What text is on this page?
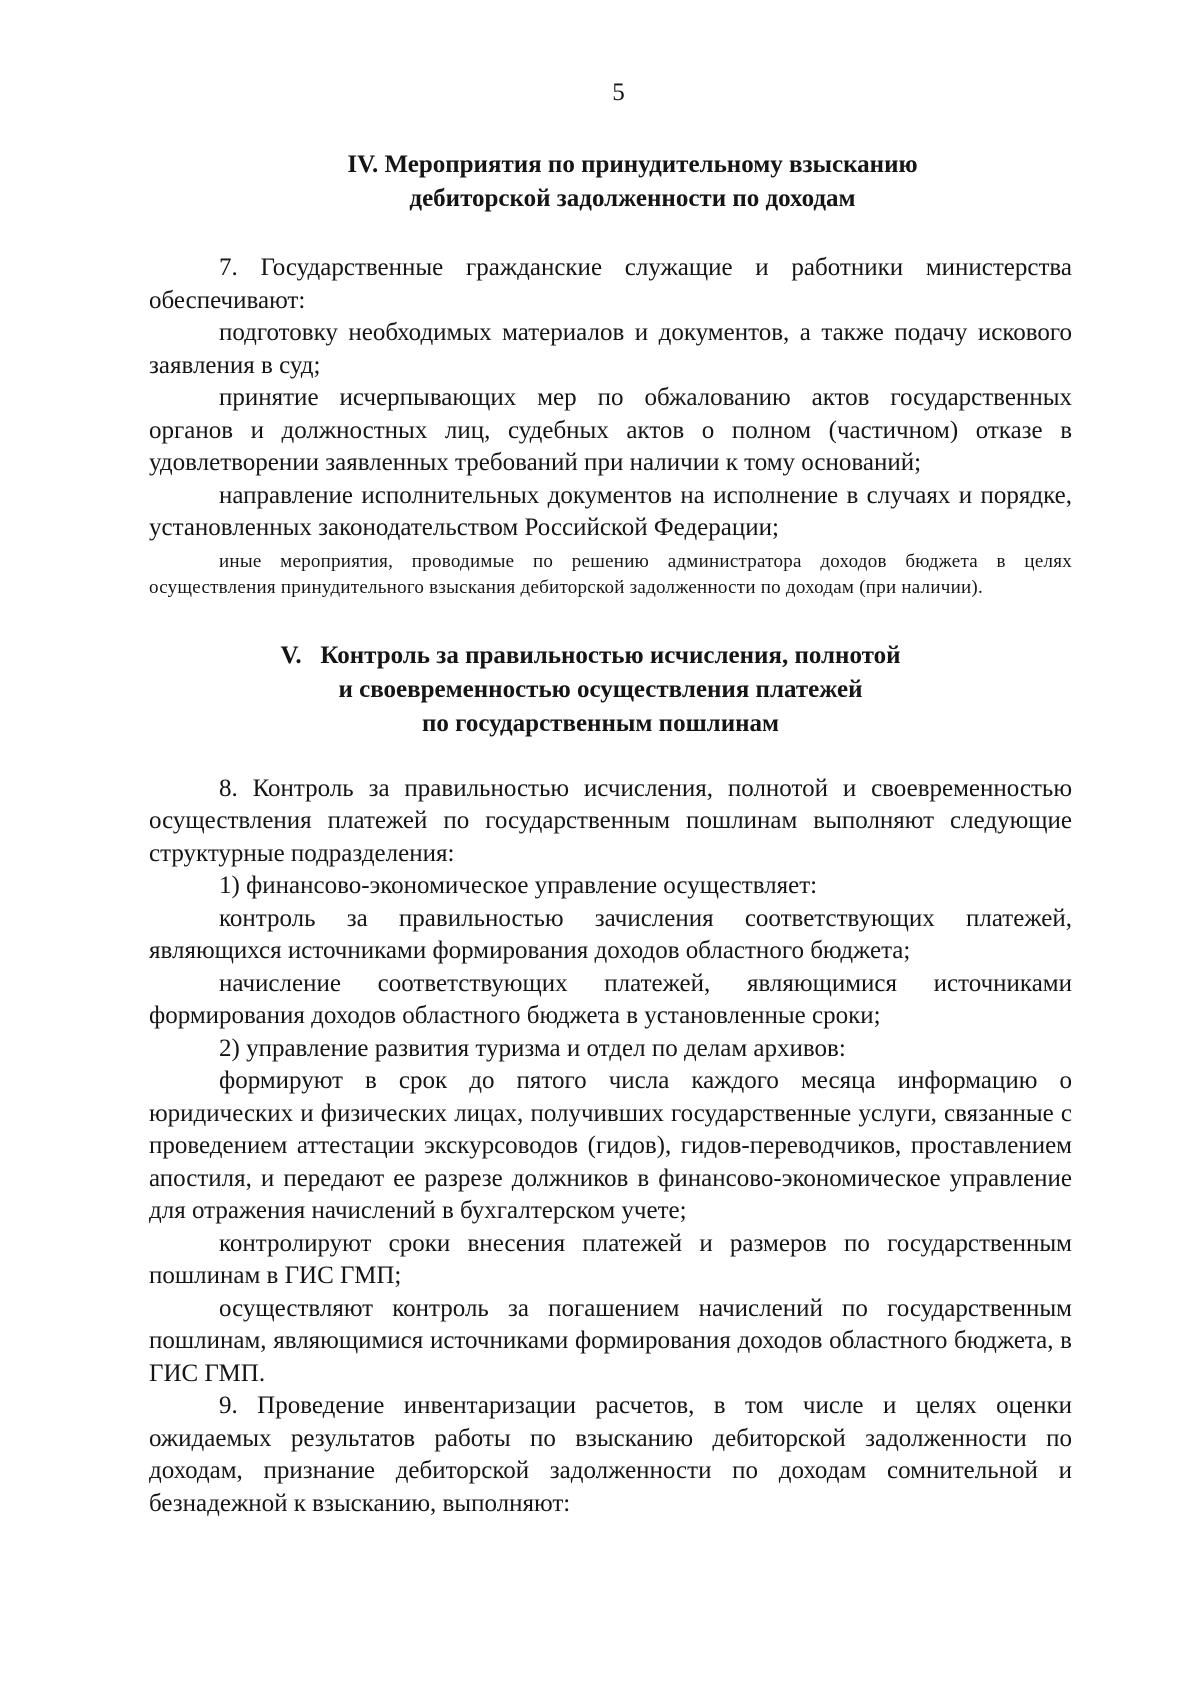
5
IV. Мероприятия по принудительному взысканию
дебиторской задолженности по доходам

7. Государственные гражданские служащие и работники министерства обеспечивают:

подготовку необходимых материалов и документов, а также подачу искового заявления в суд;

принятие исчерпывающих мер по обжалованию актов государственных органов и должностных лиц, судебных актов о полном (частичном) отказе в удовлетворении заявленных требований при наличии к тому оснований;

направление исполнительных документов на исполнение в случаях и порядке, установленных законодательством Российской Федерации;

иные мероприятия, проводимые по решению администратора доходов бюджета в целях осуществления принудительного взыскания дебиторской задолженности по доходам (при наличии).

V.   Контроль за правильностью исчисления, полнотой
и своевременностью осуществления платежей
по государственным пошлинам

8. Контроль за правильностью исчисления, полнотой и своевременностью осуществления платежей по государственным пошлинам выполняют следующие структурные подразделения:

1) финансово-экономическое управление осуществляет:

контроль за правильностью зачисления соответствующих платежей, являющихся источниками формирования доходов областного бюджета;

начисление соответствующих платежей, являющимися источниками формирования доходов областного бюджета в установленные сроки;

2) управление развития туризма и отдел по делам архивов:

формируют в срок до пятого числа каждого месяца информацию о юридических и физических лицах, получивших государственные услуги, связанные с проведением аттестации экскурсоводов (гидов), гидов-переводчиков, проставлением апостиля, и передают ее разрезе должников в финансово-экономическое управление для отражения начислений в бухгалтерском учете;

контролируют сроки внесения платежей и размеров по государственным пошлинам в ГИС ГМП;

осуществляют контроль за погашением начислений по государственным пошлинам, являющимися источниками формирования доходов областного бюджета, в ГИС ГМП.

9. Проведение инвентаризации расчетов, в том числе и целях оценки ожидаемых результатов работы по взысканию дебиторской задолженности по доходам, признание дебиторской задолженности по доходам сомнительной и безнадежной к взысканию, выполняют:
